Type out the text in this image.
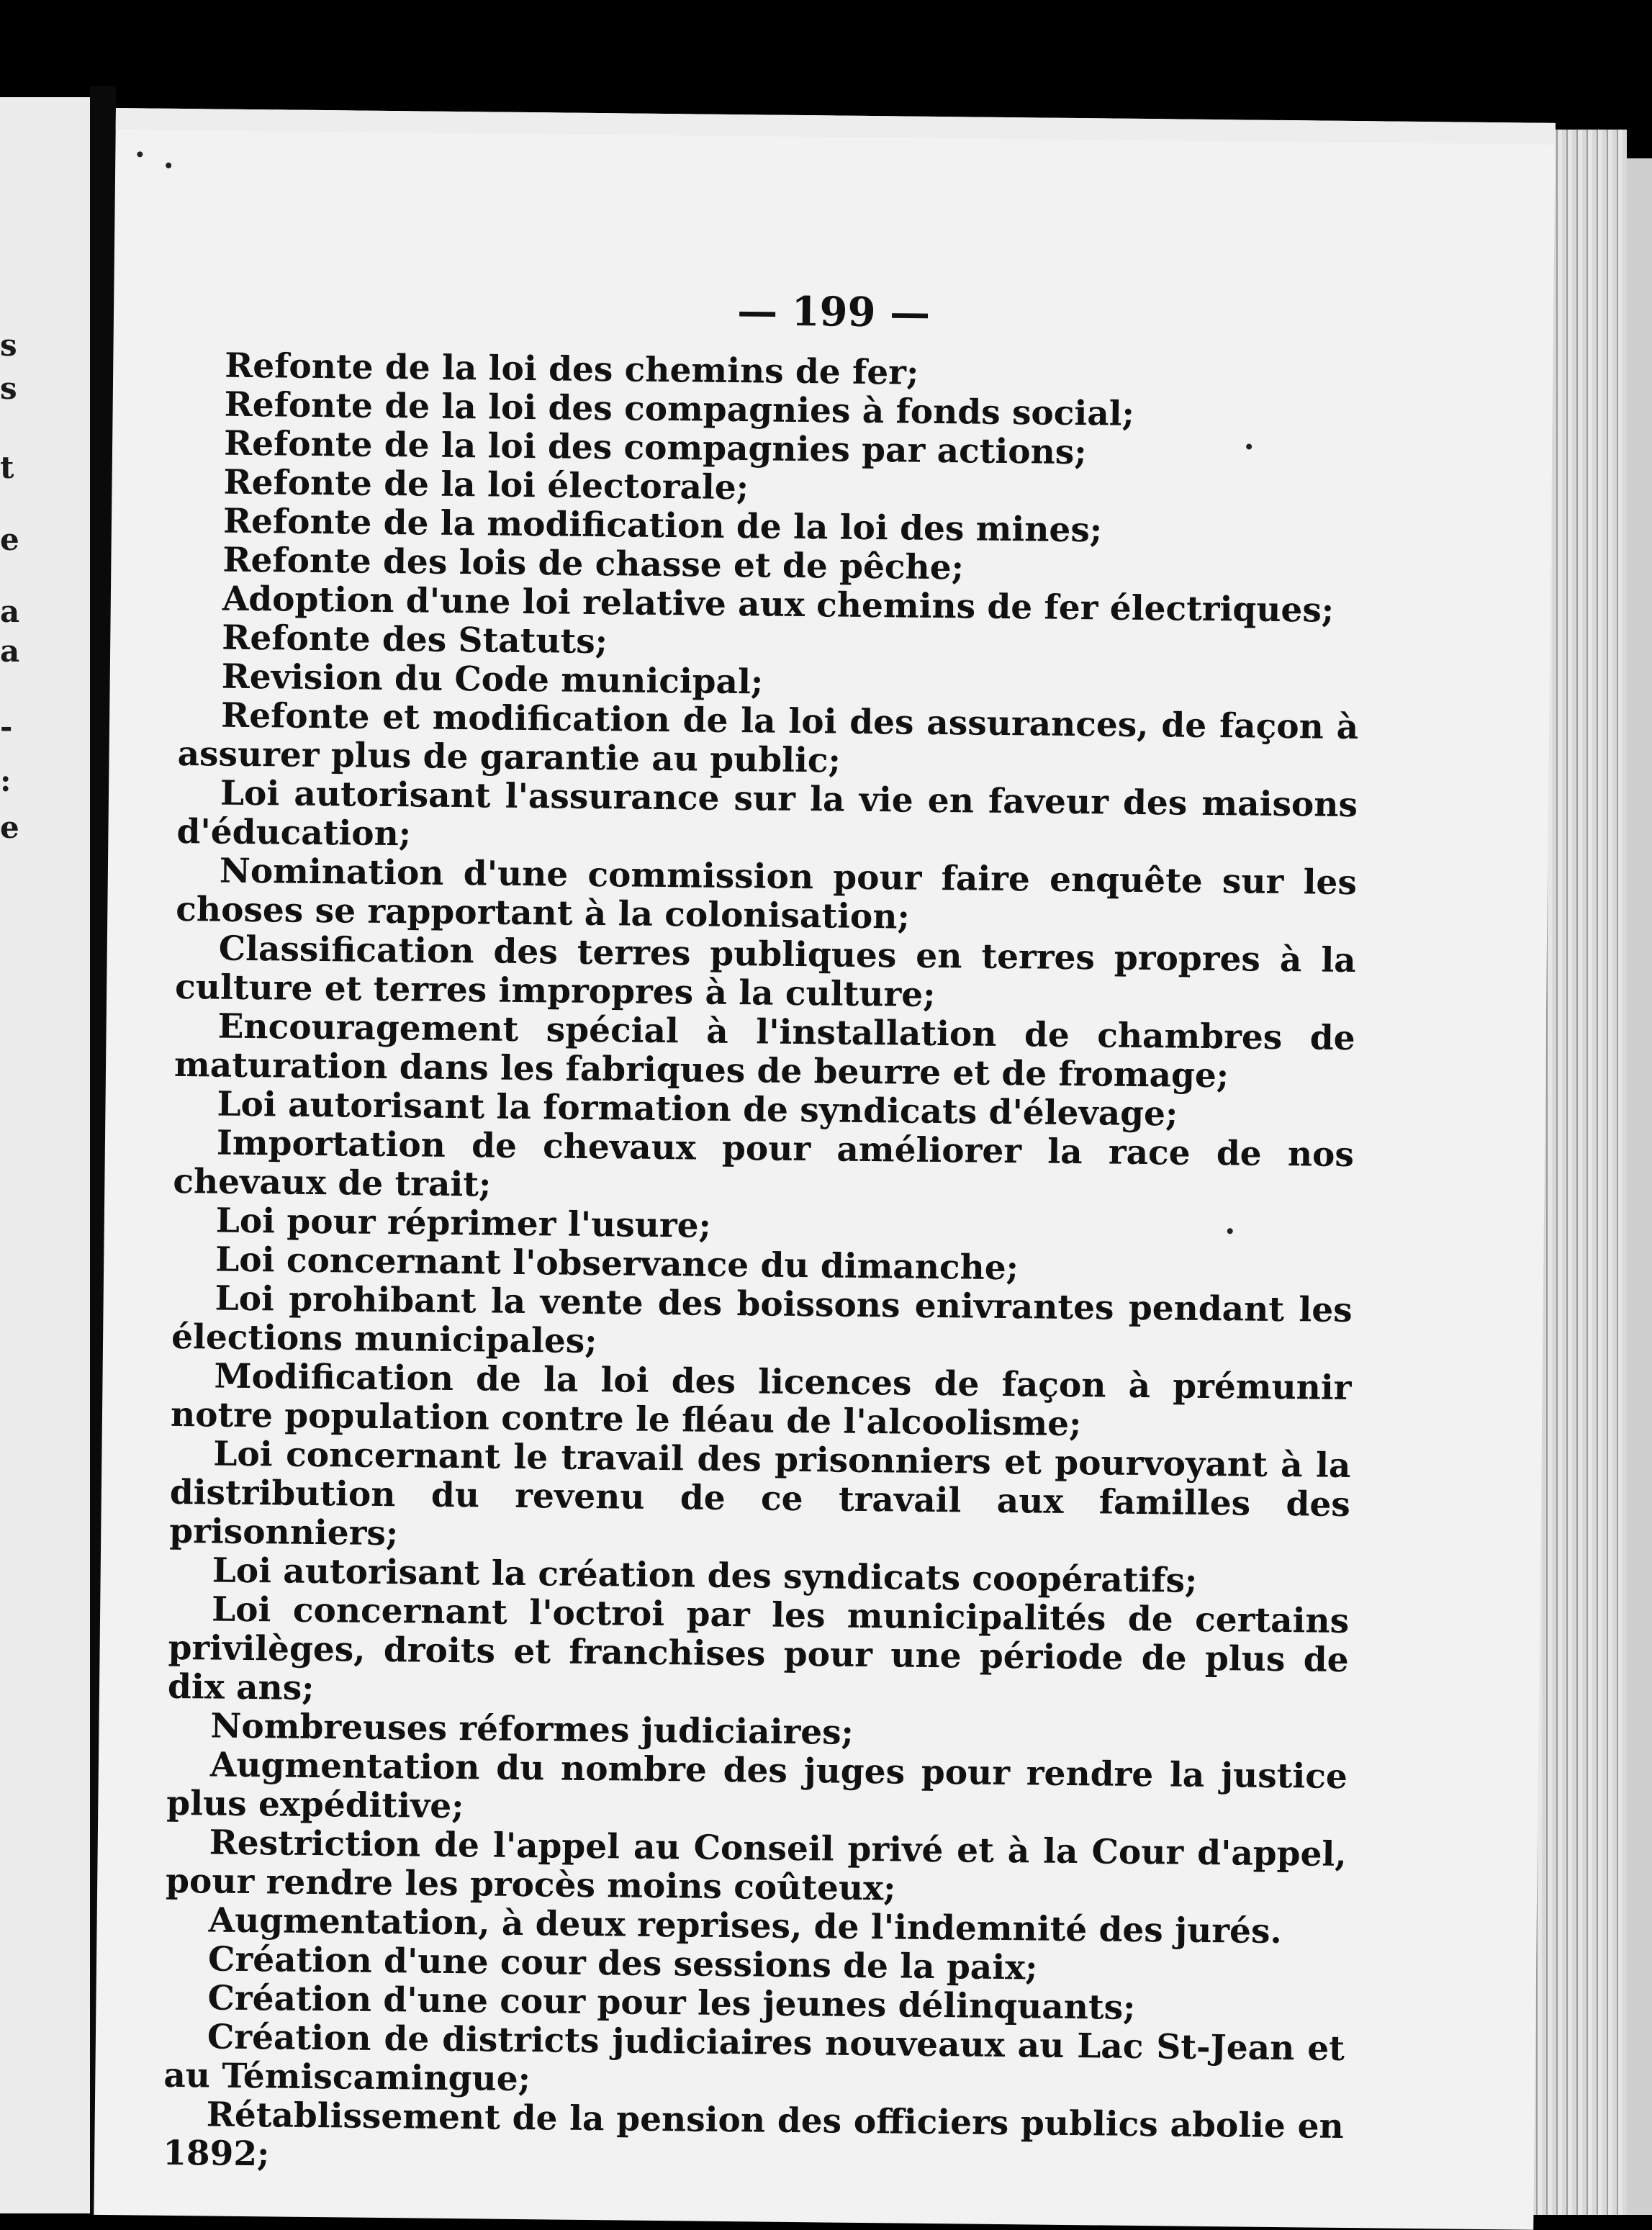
s
s
t
e
a
a
-
:
e
— 199 —

Refonte de la loi des chemins de fer;

Refonte de la loi des compagnies à fonds social;

Refonte de la loi des compagnies par actions;

Refonte de la loi électorale;

Refonte de la modification de la loi des mines;

Refonte des lois de chasse et de pêche;

Adoption d'une loi relative aux chemins de fer électriques;

Refonte des Statuts;

Revision du Code municipal;

Refonte et modification de la loi des assurances, de façon à assurer plus de garantie au public;

Loi autorisant l'assurance sur la vie en faveur des maisons d'éducation;

Nomination d'une commission pour faire enquête sur les choses se rapportant à la colonisation;

Classification des terres publiques en terres propres à la culture et terres impropres à la culture;

Encouragement spécial à l'installation de chambres de maturation dans les fabriques de beurre et de fromage;

Loi autorisant la formation de syndicats d'élevage;

Importation de chevaux pour améliorer la race de nos chevaux de trait;

Loi pour réprimer l'usure;

Loi concernant l'observance du dimanche;

Loi prohibant la vente des boissons enivrantes pendant les élections municipales;

Modification de la loi des licences de façon à prémunir notre population contre le fléau de l'alcoolisme;

Loi concernant le travail des prisonniers et pourvoyant à la distribution du revenu de ce travail aux familles des prisonniers;

Loi autorisant la création des syndicats coopératifs;

Loi concernant l'octroi par les municipalités de certains privilèges, droits et franchises pour une période de plus de dix ans;

Nombreuses réformes judiciaires;

Augmentation du nombre des juges pour rendre la justice plus expéditive;

Restriction de l'appel au Conseil privé et à la Cour d'appel, pour rendre les procès moins coûteux;

Augmentation, à deux reprises, de l'indemnité des jurés.

Création d'une cour des sessions de la paix;

Création d'une cour pour les jeunes délinquants;

Création de districts judiciaires nouveaux au Lac St-Jean et au Témiscamingue;

Rétablissement de la pension des officiers publics abolie en 1892;
